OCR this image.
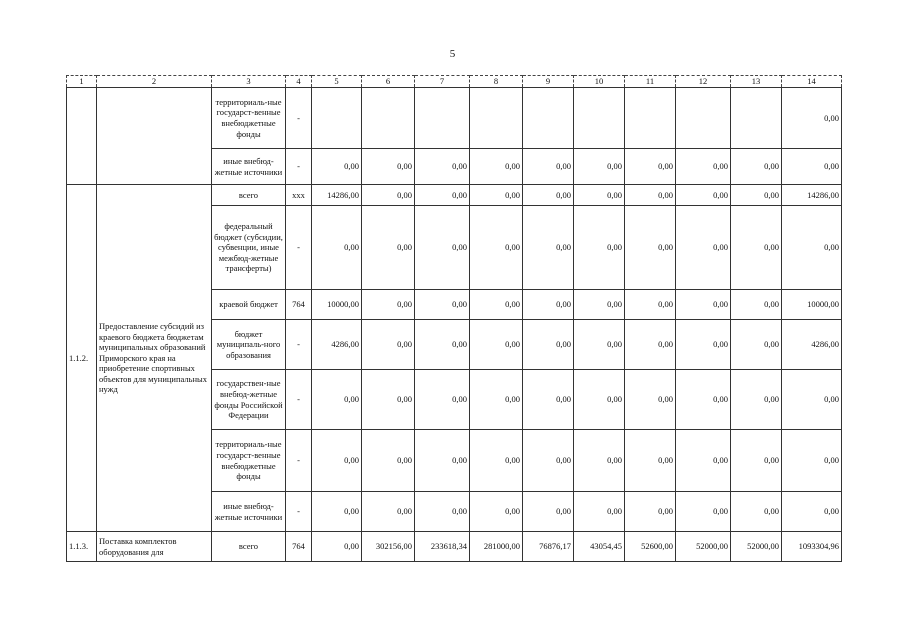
5
1	2	3	4	5	6	7	8	9	10	11	12	13	14
		территориаль-ные государст-венные внебюджетные фонды	-										0,00
		иные внебюд-жетные источники	-	0,00	0,00	0,00	0,00	0,00	0,00	0,00	0,00	0,00	0,00
1.1.2.	Предоставление субсидий из краевого бюджета бюджетам муниципальных образований Приморского края на приобретение спортивных объектов для муниципальных нужд	всего	xxx	14286,00	0,00	0,00	0,00	0,00	0,00	0,00	0,00	0,00	14286,00
		федеральный бюджет (субсидии, субвенции, иные межбюд-жетные трансферты)	-	0,00	0,00	0,00	0,00	0,00	0,00	0,00	0,00	0,00	0,00
		краевой бюджет	764	10000,00	0,00	0,00	0,00	0,00	0,00	0,00	0,00	0,00	10000,00
		бюджет муниципаль-ного образования	-	4286,00	0,00	0,00	0,00	0,00	0,00	0,00	0,00	0,00	4286,00
		государствен-ные внебюд-жетные фонды Российской Федерации	-	0,00	0,00	0,00	0,00	0,00	0,00	0,00	0,00	0,00	0,00
		территориаль-ные государст-венные внебюджетные фонды	-	0,00	0,00	0,00	0,00	0,00	0,00	0,00	0,00	0,00	0,00
		иные внебюд-жетные источники	-	0,00	0,00	0,00	0,00	0,00	0,00	0,00	0,00	0,00	0,00
1.1.3.	Поставка комплектов оборудования для	всего	764	0,00	302156,00	233618,34	281000,00	76876,17	43054,45	52600,00	52000,00	52000,00	1093304,96
